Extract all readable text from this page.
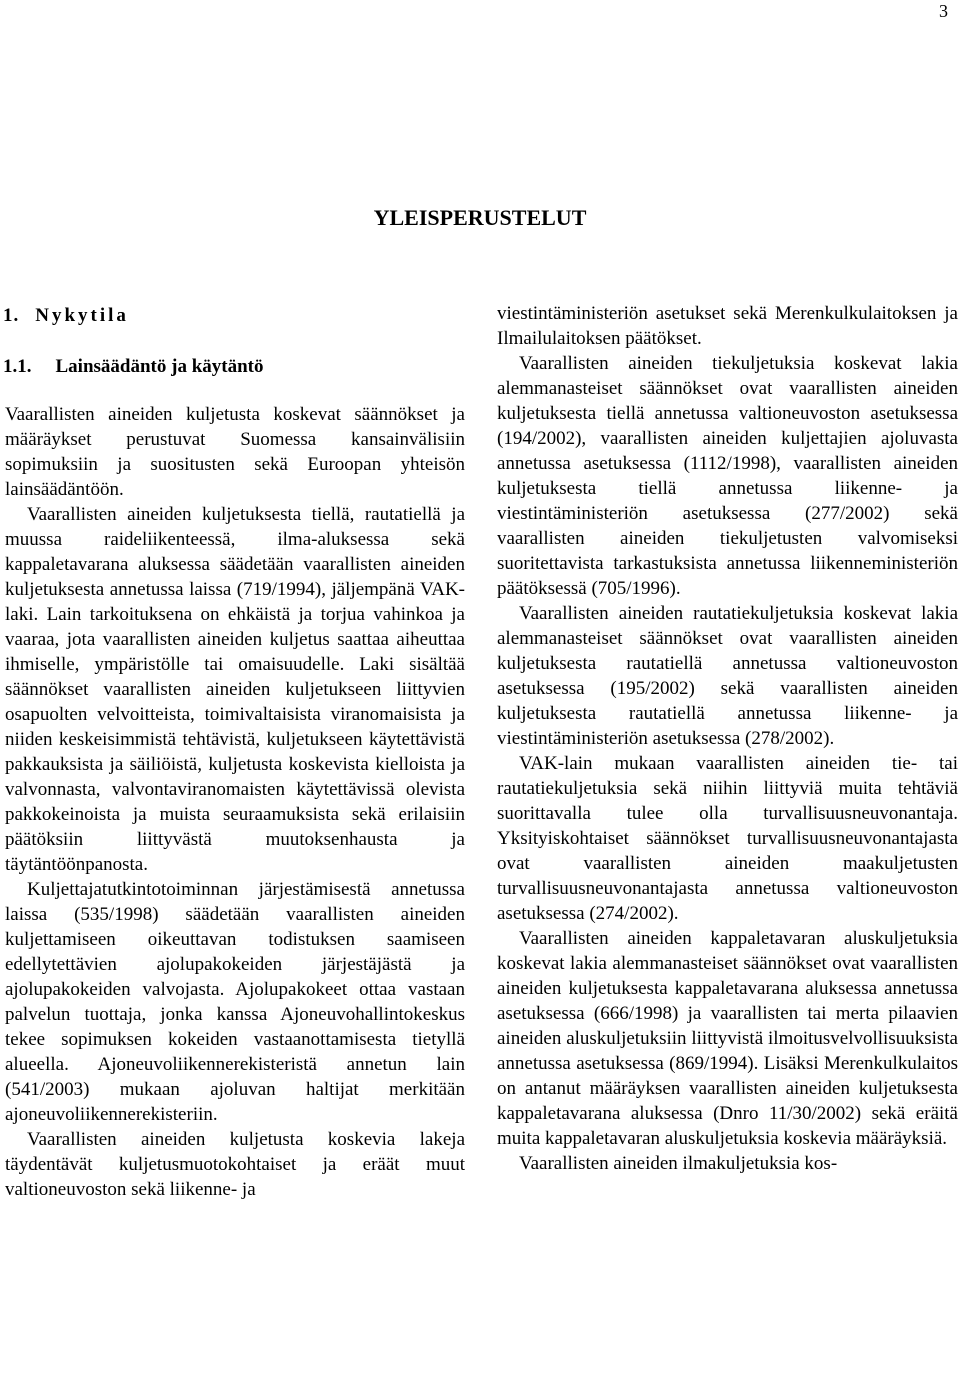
3
YLEISPERUSTELUT
1. Nykytila
1.1. Lainsäädäntö ja käytäntö

Vaarallisten aineiden kuljetusta koskevat säännökset ja määräykset perustuvat Suomessa kansainvälisiin sopimuksiin ja suositusten sekä Euroopan yhteisön lainsäädäntöön.

Vaarallisten aineiden kuljetuksesta tiellä, rautatiellä ja muussa raideliikenteessä, ilma-aluksessa sekä kappaletavarana aluksessa säädetään vaarallisten aineiden kuljetuksesta annetussa laissa (719/1994), jäljempänä VAK-laki. Lain tarkoituksena on ehkäistä ja torjua vahinkoa ja vaaraa, jota vaarallisten aineiden kuljetus saattaa aiheuttaa ihmiselle, ympäristölle tai omaisuudelle. Laki sisältää säännökset vaarallisten aineiden kuljetukseen liittyvien osapuolten velvoitteista, toimivaltaisista viranomaisista ja niiden keskeisimmistä tehtävistä, kuljetukseen käytettävistä pakkauksista ja säiliöistä, kuljetusta koskevista kielloista ja valvonnasta, valvontaviranomaisten käytettävissä olevista pakkokeinoista ja muista seuraamuksista sekä erilaisiin päätöksiin liittyvästä muutoksenhausta ja täytäntöönpanosta.

Kuljettajatutkintotoiminnan järjestämisestä annetussa laissa (535/1998) säädetään vaarallisten aineiden kuljettamiseen oikeuttavan todistuksen saamiseen edellytettävien ajolupakokeiden järjestäjästä ja ajolupakokeiden valvojasta. Ajolupakokeet ottaa vastaan palvelun tuottaja, jonka kanssa Ajoneuvohallintokeskus tekee sopimuksen kokeiden vastaanottamisesta tietyllä alueella. Ajoneuvoliikennerekisteristä annetun lain (541/2003) mukaan ajoluvan haltijat merkitään ajoneuvoliikennerekisteriin.

Vaarallisten aineiden kuljetusta koskevia lakeja täydentävät kuljetusmuotokohtaiset ja eräät muut valtioneuvoston sekä liikenne- ja

viestintäministeriön asetukset sekä Merenkulkulaitoksen ja Ilmailulaitoksen päätökset.

Vaarallisten aineiden tiekuljetuksia koskevat lakia alemmanasteiset säännökset ovat vaarallisten aineiden kuljetuksesta tiellä annetussa valtioneuvoston asetuksessa (194/2002), vaarallisten aineiden kuljettajien ajoluvasta annetussa asetuksessa (1112/1998), vaarallisten aineiden kuljetuksesta tiellä annetussa liikenne- ja viestintäministeriön asetuksessa (277/2002) sekä vaarallisten aineiden tiekuljetusten valvomiseksi suoritettavista tarkastuksista annetussa liikenneministeriön päätöksessä (705/1996).

Vaarallisten aineiden rautatiekuljetuksia koskevat lakia alemmanasteiset säännökset ovat vaarallisten aineiden kuljetuksesta rautatiellä annetussa valtioneuvoston asetuksessa (195/2002) sekä vaarallisten aineiden kuljetuksesta rautatiellä annetussa liikenne- ja viestintäministeriön asetuksessa (278/2002).

VAK-lain mukaan vaarallisten aineiden tie- tai rautatiekuljetuksia sekä niihin liittyviä muita tehtäviä suorittavalla tulee olla turvallisuusneuvonantaja. Yksityiskohtaiset säännökset turvallisuusneuvonantajasta ovat vaarallisten aineiden maakuljetusten turvallisuusneuvonantajasta annetussa valtioneuvoston asetuksessa (274/2002).

Vaarallisten aineiden kappaletavaran aluskuljetuksia koskevat lakia alemmanasteiset säännökset ovat vaarallisten aineiden kuljetuksesta kappaletavarana aluksessa annetussa asetuksessa (666/1998) ja vaarallisten tai merta pilaavien aineiden aluskuljetuksiin liittyvistä ilmoitusvelvollisuuksista annetussa asetuksessa (869/1994). Lisäksi Merenkulkulaitos on antanut määräyksen vaarallisten aineiden kuljetuksesta kappaletavarana aluksessa (Dnro 11/30/2002) sekä eräitä muita kappaletavaran aluskuljetuksia koskevia määräyksiä.

Vaarallisten aineiden ilmakuljetuksia kos-
